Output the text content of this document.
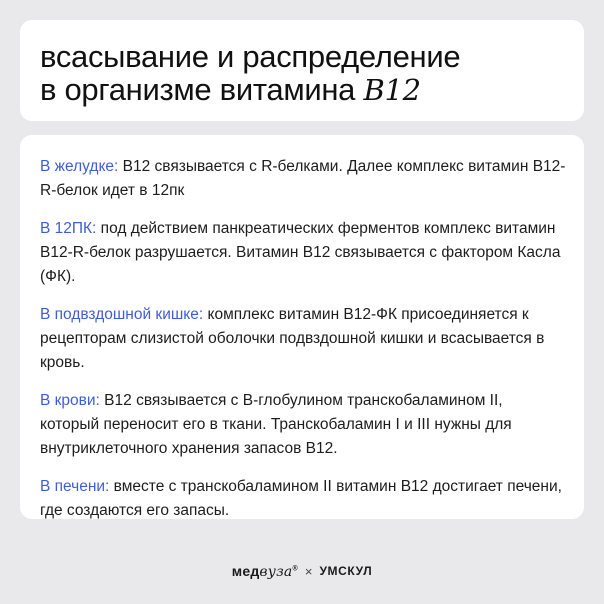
всасывание и распределение
в организме витамина B12

В желудке: В12 связывается с R-белками. Далее комплекс витамин В12-R-белок идет в 12пк

В 12ПК: под действием панкреатических ферментов комплекс витамин В12-R-белок разрушается. Витамин В12 связывается с фактором Касла (ФК).

В подвздошной кишке: комплекс витамин В12-ФК присоединяется к рецепторам слизистой оболочки подвздошной кишки и всасывается в кровь.

В крови: В12 связывается с В-глобулином транскобаламином II, который переносит его в ткани. Транскобаламин I и III нужны для внутриклеточного хранения запасов В12.

В печени: вместе с транскобаламином II витамин В12 достигает печени, где создаются его запасы.

медвуза® × УМСКУЛ
